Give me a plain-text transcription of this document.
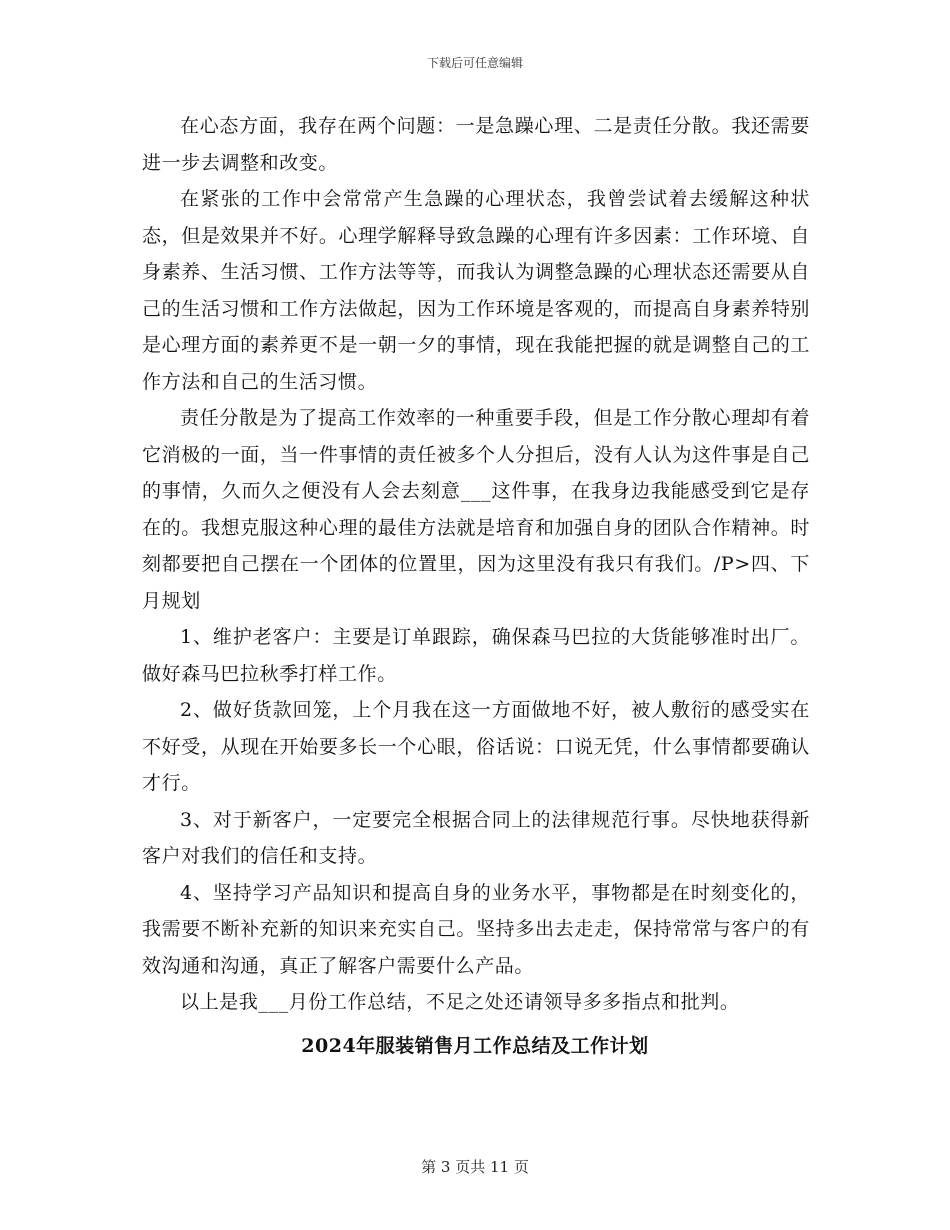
下载后可任意编辑

在心态方面，我存在两个问题：一是急躁心理、二是责任分散。我还需要进一步去调整和改变。

在紧张的工作中会常常产生急躁的心理状态，我曾尝试着去缓解这种状态，但是效果并不好。心理学解释导致急躁的心理有许多因素：工作环境、自身素养、生活习惯、工作方法等等，而我认为调整急躁的心理状态还需要从自己的生活习惯和工作方法做起，因为工作环境是客观的，而提高自身素养特别是心理方面的素养更不是一朝一夕的事情，现在我能把握的就是调整自己的工作方法和自己的生活习惯。

责任分散是为了提高工作效率的一种重要手段，但是工作分散心理却有着它消极的一面，当一件事情的责任被多个人分担后，没有人认为这件事是自己的事情，久而久之便没有人会去刻意___这件事，在我身边我能感受到它是存在的。我想克服这种心理的最佳方法就是培育和加强自身的团队合作精神。时刻都要把自己摆在一个团体的位置里，因为这里没有我只有我们。/P>四、下月规划

1、维护老客户：主要是订单跟踪，确保森马巴拉的大货能够准时出厂。做好森马巴拉秋季打样工作。

2、做好货款回笼，上个月我在这一方面做地不好，被人敷衍的感受实在不好受，从现在开始要多长一个心眼，俗话说：口说无凭，什么事情都要确认才行。

3、对于新客户，一定要完全根据合同上的法律规范行事。尽快地获得新客户对我们的信任和支持。

4、坚持学习产品知识和提高自身的业务水平，事物都是在时刻变化的，我需要不断补充新的知识来充实自己。坚持多出去走走，保持常常与客户的有效沟通和沟通，真正了解客户需要什么产品。

以上是我___月份工作总结，不足之处还请领导多多指点和批判。

2024年服装销售月工作总结及工作计划
第 3 页共 11 页
